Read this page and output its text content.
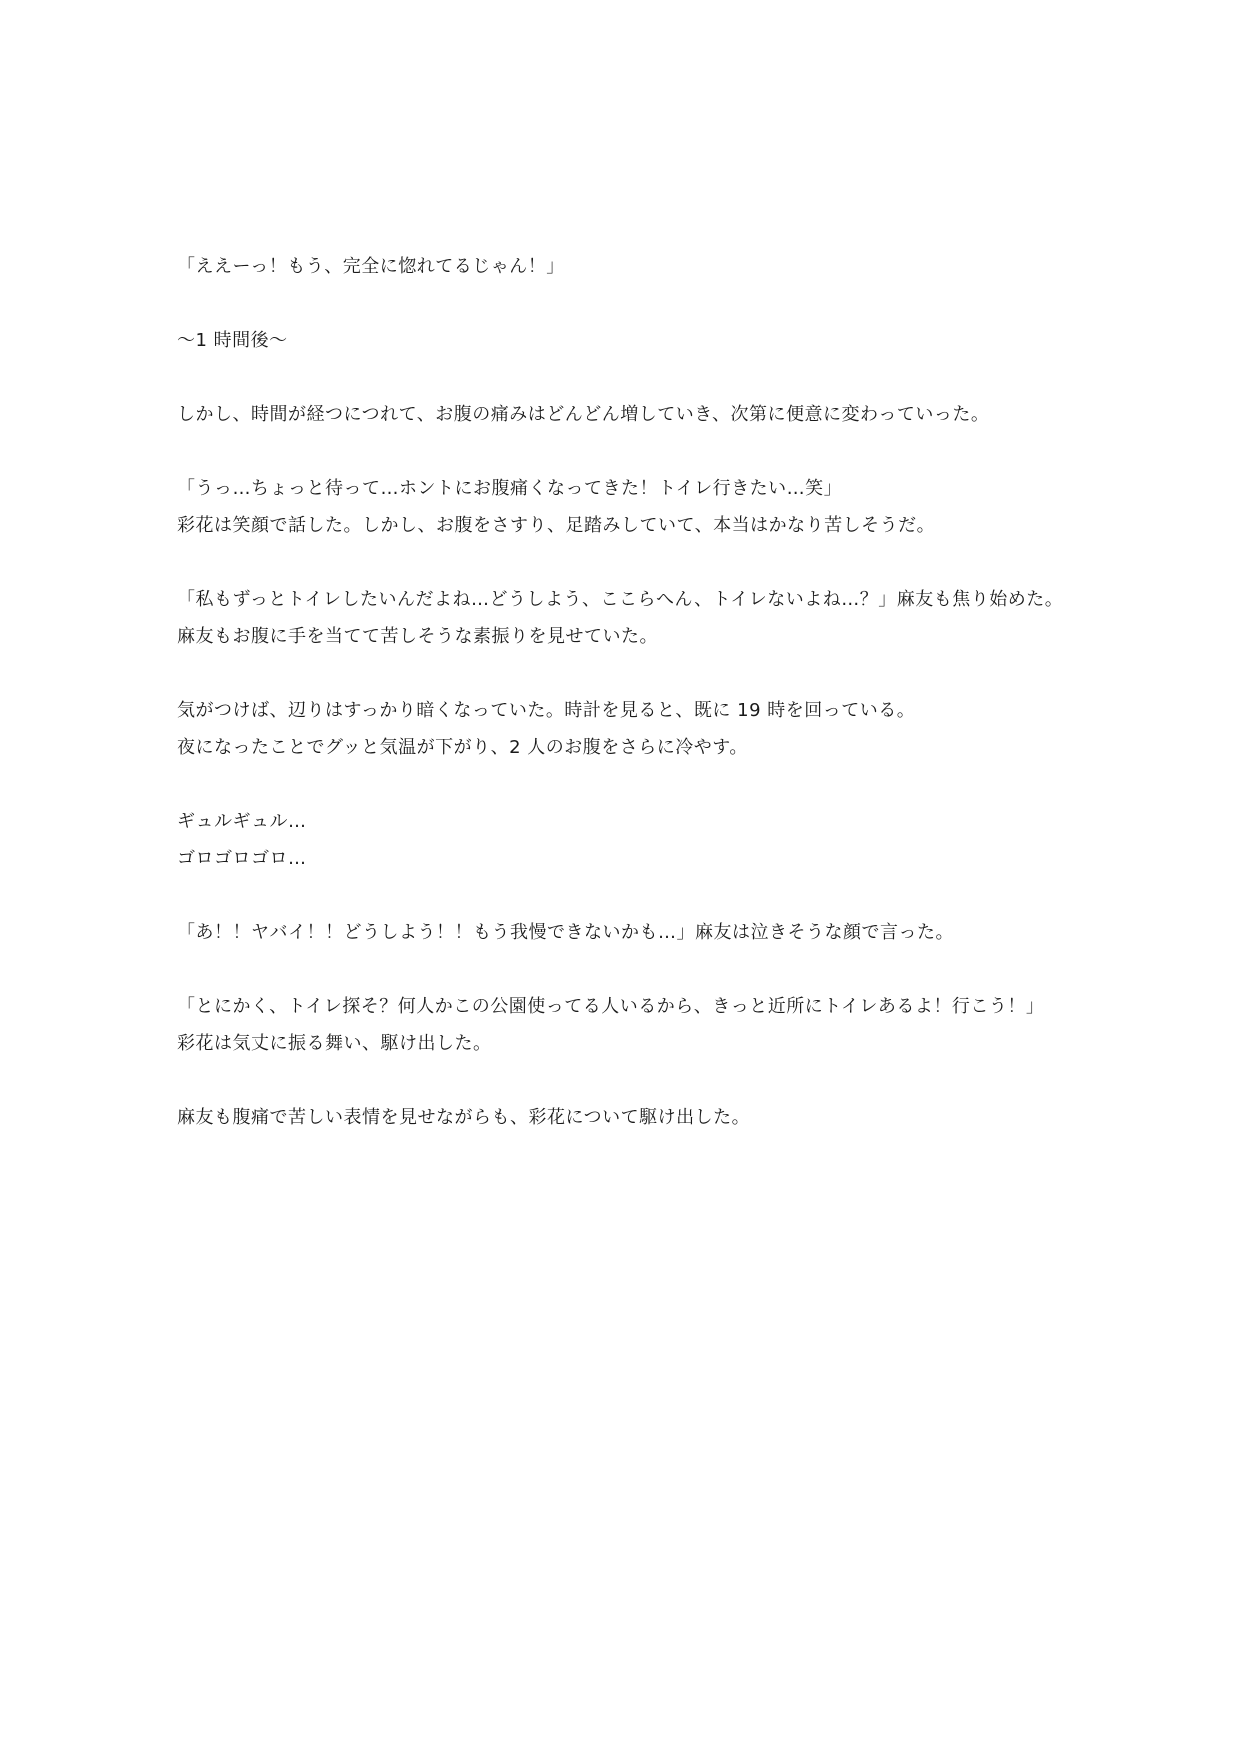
「ええーっ！もう、完全に惚れてるじゃん！」
～1 時間後～
しかし、時間が経つにつれて、お腹の痛みはどんどん増していき、次第に便意に変わっていった。
「うっ…ちょっと待って…ホントにお腹痛くなってきた！トイレ行きたい…笑」
彩花は笑顔で話した。しかし、お腹をさすり、足踏みしていて、本当はかなり苦しそうだ。
「私もずっとトイレしたいんだよね…どうしよう、ここらへん、トイレないよね…？」麻友も焦り始めた。
麻友もお腹に手を当てて苦しそうな素振りを見せていた。
気がつけば、辺りはすっかり暗くなっていた。時計を見ると、既に 19 時を回っている。
夜になったことでグッと気温が下がり、2 人のお腹をさらに冷やす。
ギュルギュル…
ゴロゴロゴロ…
「あ！！ヤバイ！！どうしよう！！もう我慢できないかも…」麻友は泣きそうな顔で言った。
「とにかく、トイレ探そ？何人かこの公園使ってる人いるから、きっと近所にトイレあるよ！行こう！」
彩花は気丈に振る舞い、駆け出した。
麻友も腹痛で苦しい表情を見せながらも、彩花について駆け出した。
